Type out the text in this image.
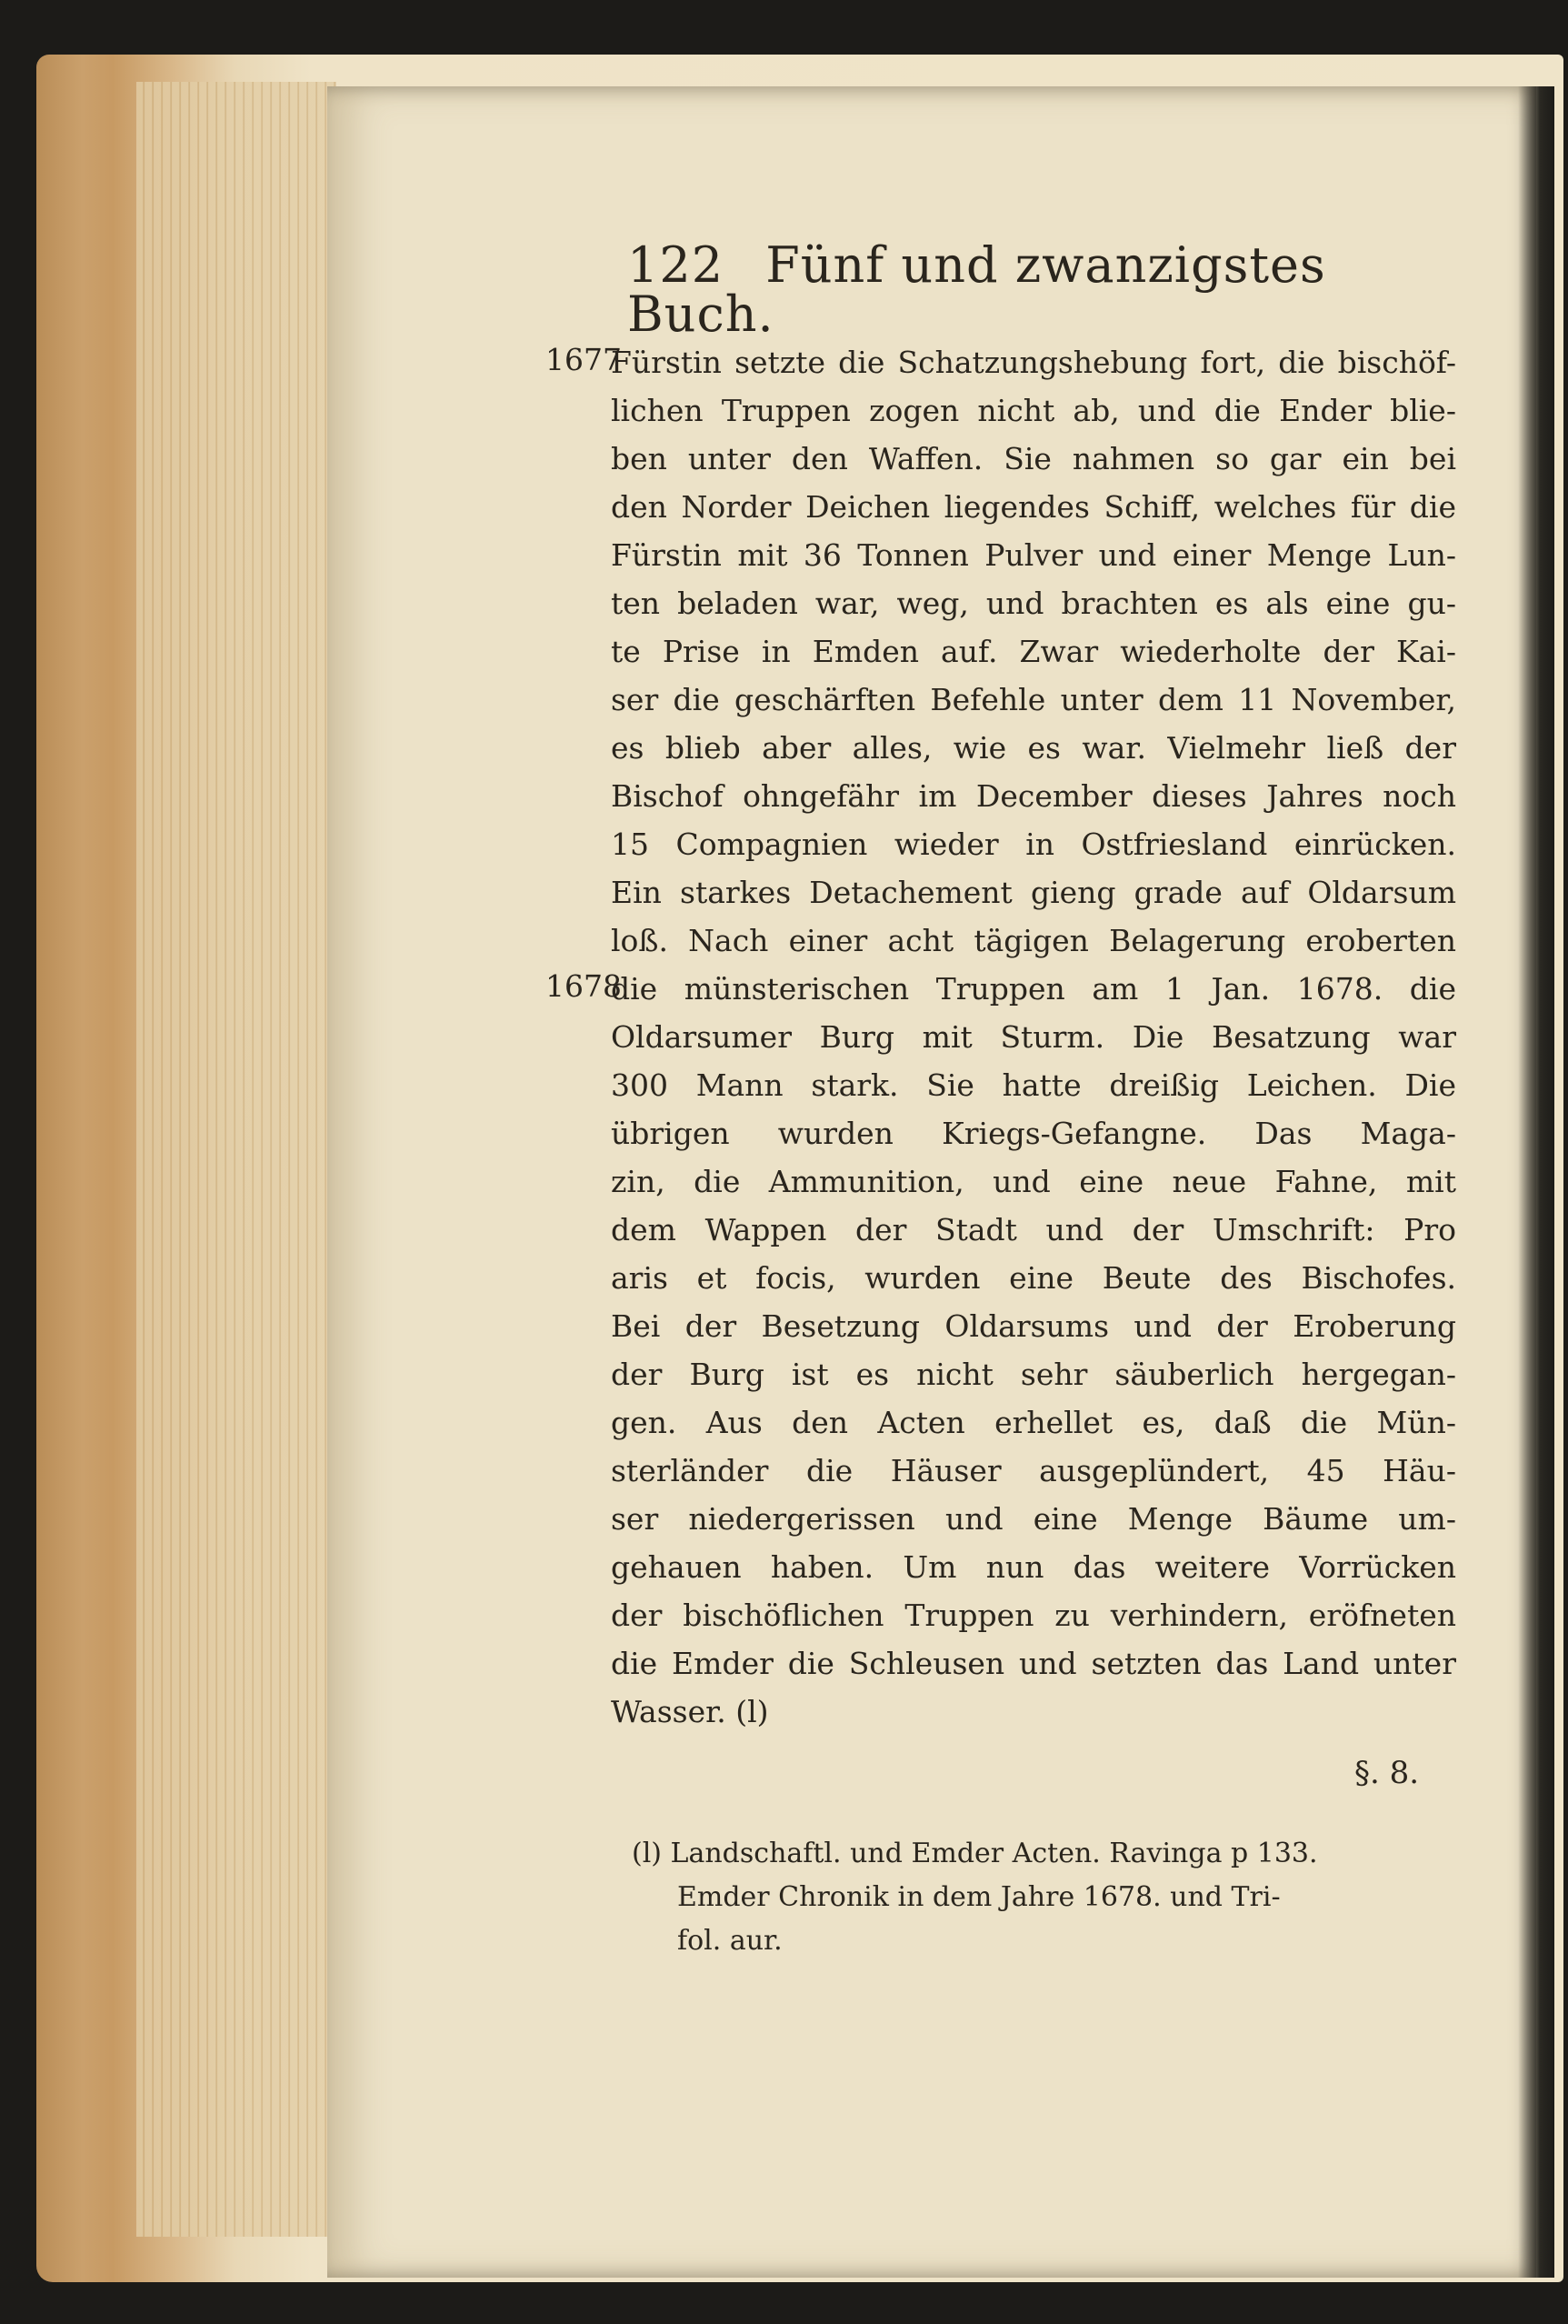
122 Fünf und zwanzigstes Buch.
1677
1678
Fürstin setzte die Schatzungshebung fort, die bischöf-
lichen Truppen zogen nicht ab, und die Ender blie-
ben unter den Waffen. Sie nahmen so gar ein bei
den Norder Deichen liegendes Schiff, welches für die
Fürstin mit 36 Tonnen Pulver und einer Menge Lun-
ten beladen war, weg, und brachten es als eine gu-
te Prise in Emden auf. Zwar wiederholte der Kai-
ser die geschärften Befehle unter dem 11 November,
es blieb aber alles, wie es war. Vielmehr ließ der
Bischof ohngefähr im December dieses Jahres noch
15 Compagnien wieder in Ostfriesland einrücken.
Ein starkes Detachement gieng grade auf Oldarsum
loß. Nach einer acht tägigen Belagerung eroberten
die münsterischen Truppen am 1 Jan. 1678. die
Oldarsumer Burg mit Sturm. Die Besatzung war
300 Mann stark. Sie hatte dreißig Leichen. Die
übrigen wurden Kriegs-Gefangne. Das Maga-
zin, die Ammunition, und eine neue Fahne, mit
dem Wappen der Stadt und der Umschrift: Pro
aris et focis, wurden eine Beute des Bischofes.
Bei der Besetzung Oldarsums und der Eroberung
der Burg ist es nicht sehr säuberlich hergegan-
gen. Aus den Acten erhellet es, daß die Mün-
sterländer die Häuser ausgeplündert, 45 Häu-
ser niedergerissen und eine Menge Bäume um-
gehauen haben. Um nun das weitere Vorrücken
der bischöflichen Truppen zu verhindern, eröfneten
die Emder die Schleusen und setzten das Land unter
Wasser. (l)
§. 8.
(l) Landschaftl. und Emder Acten. Ravinga p 133.
Emder Chronik in dem Jahre 1678. und Tri-
fol. aur.
